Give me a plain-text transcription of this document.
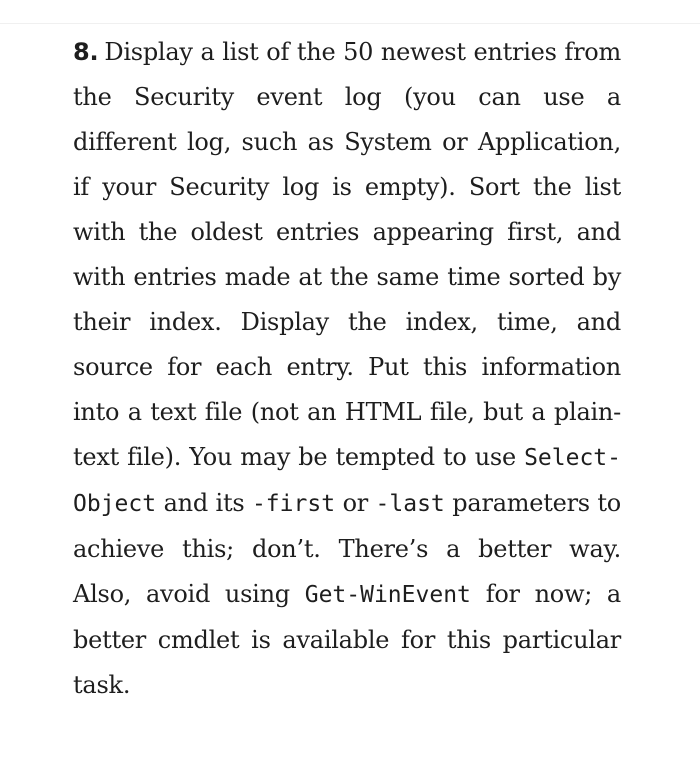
8. Display a list of the 50 newest entries from the Security event log (you can use a different log, such as System or Application, if your Security log is empty). Sort the list with the oldest entries appearing first, and with entries made at the same time sorted by their index. Display the index, time, and source for each entry. Put this information into a text file (not an HTML file, but a plain-text file). You may be tempted to use Select-Object and its -first or -last parameters to achieve this; don’t. There’s a better way. Also, avoid using Get-WinEvent for now; a better cmdlet is available for this particular task.
